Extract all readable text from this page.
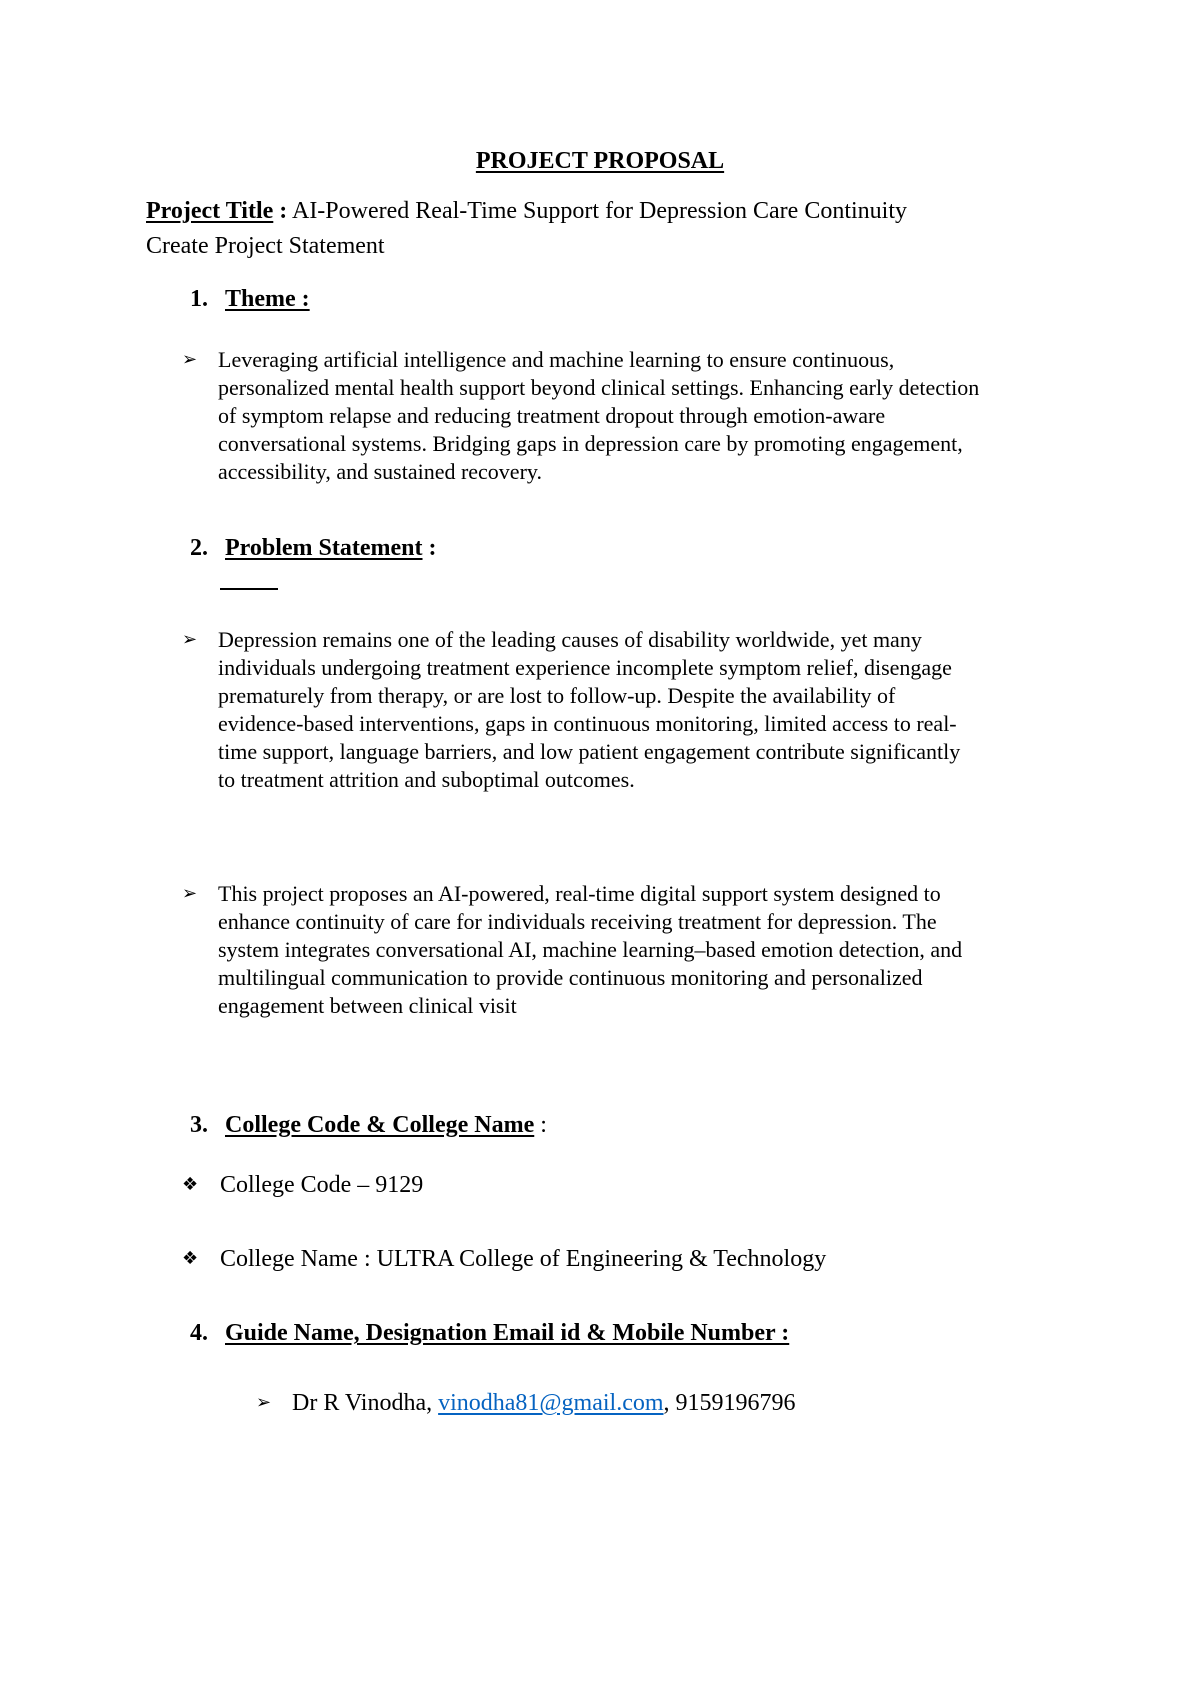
PROJECT PROPOSAL
Project Title : AI-Powered Real-Time Support for Depression Care Continuity
Create Project Statement
1. Theme :
➢ Leveraging artificial intelligence and machine learning to ensure continuous,
personalized mental health support beyond clinical settings. Enhancing early detection
of symptom relapse and reducing treatment dropout through emotion-aware
conversational systems. Bridging gaps in depression care by promoting engagement,
accessibility, and sustained recovery.
2. Problem Statement :
➢ Depression remains one of the leading causes of disability worldwide, yet many
individuals undergoing treatment experience incomplete symptom relief, disengage
prematurely from therapy, or are lost to follow-up. Despite the availability of
evidence-based interventions, gaps in continuous monitoring, limited access to real-
time support, language barriers, and low patient engagement contribute significantly
to treatment attrition and suboptimal outcomes.
➢ This project proposes an AI-powered, real-time digital support system designed to
enhance continuity of care for individuals receiving treatment for depression. The
system integrates conversational AI, machine learning–based emotion detection, and
multilingual communication to provide continuous monitoring and personalized
engagement between clinical visit
3. College Code & College Name :
❖ College Code – 9129
❖ College Name : ULTRA College of Engineering & Technology
4. Guide Name, Designation Email id & Mobile Number :
➢ Dr R Vinodha, vinodha81@gmail.com, 9159196796
